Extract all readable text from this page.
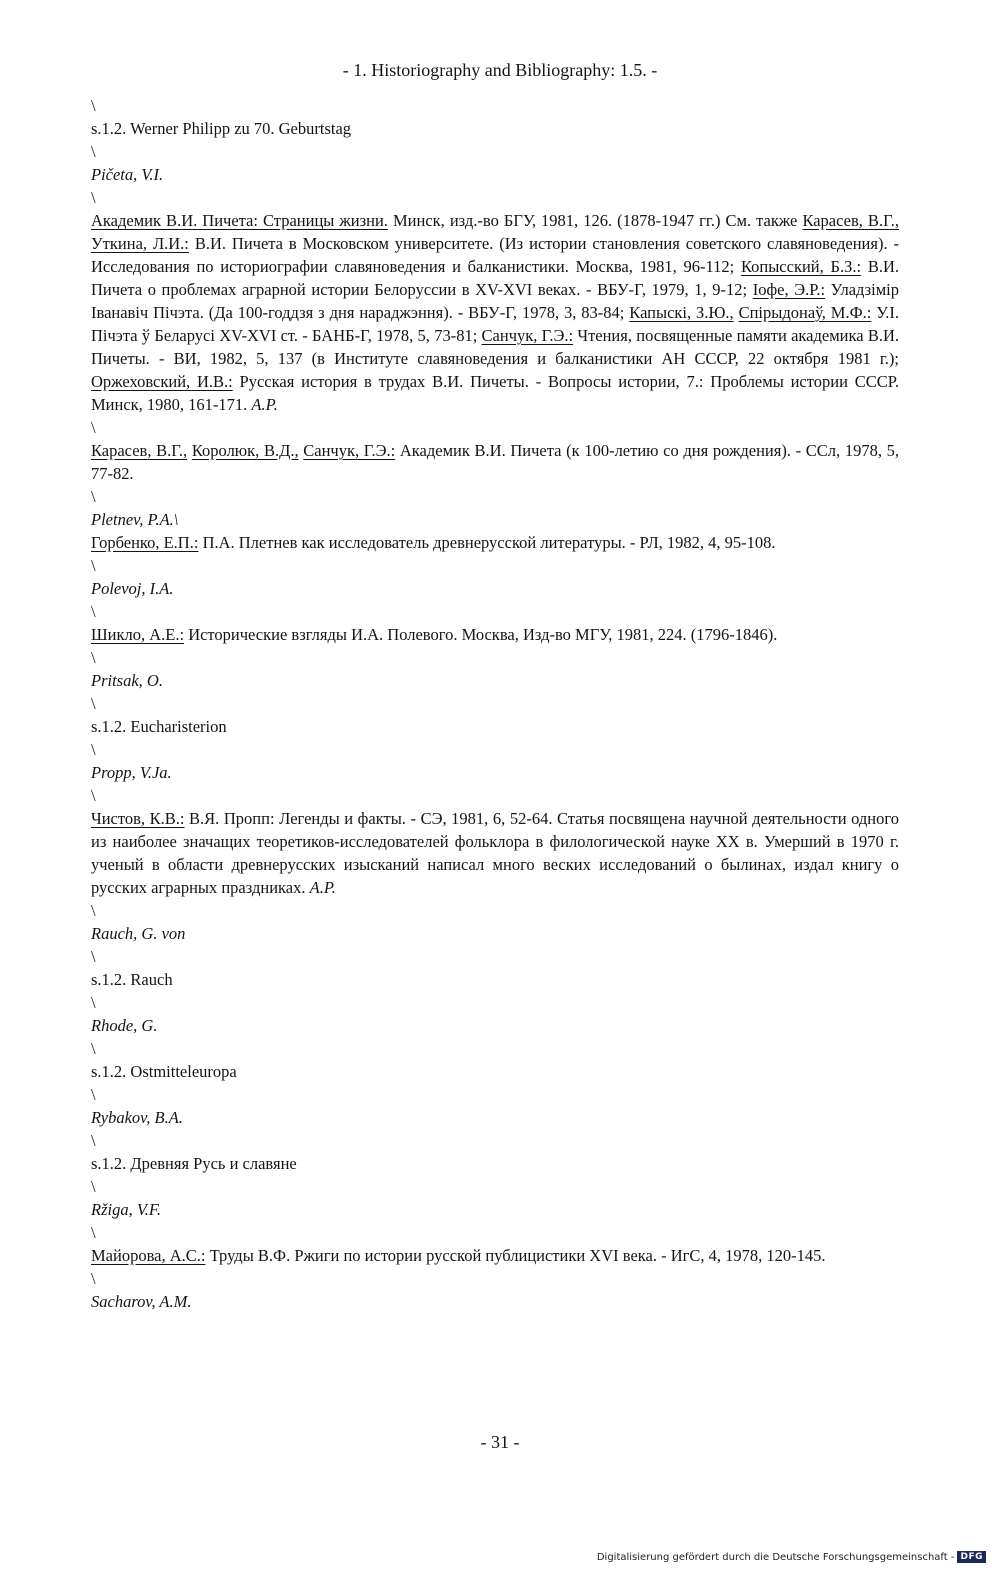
- 1. Historiography and Bibliography: 1.5. -
\
s.1.2. Werner Philipp zu 70. Geburtstag
\
Pičeta, V.I.
\
Академик В.И. Пичета: Страницы жизни. Минск, изд.-во БГУ, 1981, 126. (1878-1947 гг.) См. также Карасев, В.Г., Уткина, Л.И.: В.И. Пичета в Московском университете. (Из истории становления советского славяноведения). - Исследования по историографии славяноведения и балканистики. Москва, 1981, 96-112; Копысский, Б.З.: В.И. Пичета о проблемах аграрной истории Белоруссии в XV-XVI веках. - ВБУ-Г, 1979, 1, 9-12; Iофе, Э.Р.: Уладзімір Іванавіч Пічэта. (Да 100-годдзя з дня нараджэння). - ВБУ-Г, 1978, 3, 83-84; Капыскі, З.Ю., Спірыдонаў, М.Ф.: У.І. Пічэта ў Беларусі XV-XVI ст. - БАНБ-Г, 1978, 5, 73-81; Санчук, Г.Э.: Чтения, посвященные памяти академика В.И. Пичеты. - ВИ, 1982, 5, 137 (в Институте славяноведения и балканистики АН СССР, 22 октября 1981 г.); Оржеховский, И.В.: Русская история в трудах В.И. Пичеты. - Вопросы истории, 7.: Проблемы истории СССР. Минск, 1980, 161-171. A.P.
\
Карасев, В.Г., Королюк, В.Д., Санчук, Г.Э.: Академик В.И. Пичета (к 100-летию со дня рождения). - ССл, 1978, 5, 77-82.
\
Pletnev, P.A.\
Горбенко, Е.П.: П.А. Плетнев как исследователь древнерусской литературы. - РЛ, 1982, 4, 95-108.
\
Polevoj, I.A.
\
Шикло, А.Е.: Исторические взгляды И.А. Полевого. Москва, Изд-во МГУ, 1981, 224. (1796-1846).
\
Pritsak, O.
\
s.1.2. Eucharisterion
\
Propp, V.Ja.
\
Чистов, К.В.: В.Я. Пропп: Легенды и факты. - СЭ, 1981, 6, 52-64. Статья посвящена научной деятельности одного из наиболее значащих теоретиков-исследователей фольклора в филологической науке XX в. Умерший в 1970 г. ученый в области древнерусских изысканий написал много веских исследований о былинах, издал книгу о русских аграрных праздниках. A.P.
\
Rauch, G. von
\
s.1.2. Rauch
\
Rhode, G.
\
s.1.2. Ostmitteleuropa
\
Rybakov, B.A.
\
s.1.2. Древняя Русь и славяне
\
Ržiga, V.F.
\
Майорова, А.С.: Труды В.Ф. Ржиги по истории русской публицистики XVI века. - ИгС, 4, 1978, 120-145.
\
Sacharov, A.M.
- 31 -
Digitalisierung gefördert durch die Deutsche Forschungsgemeinschaft - DFG
